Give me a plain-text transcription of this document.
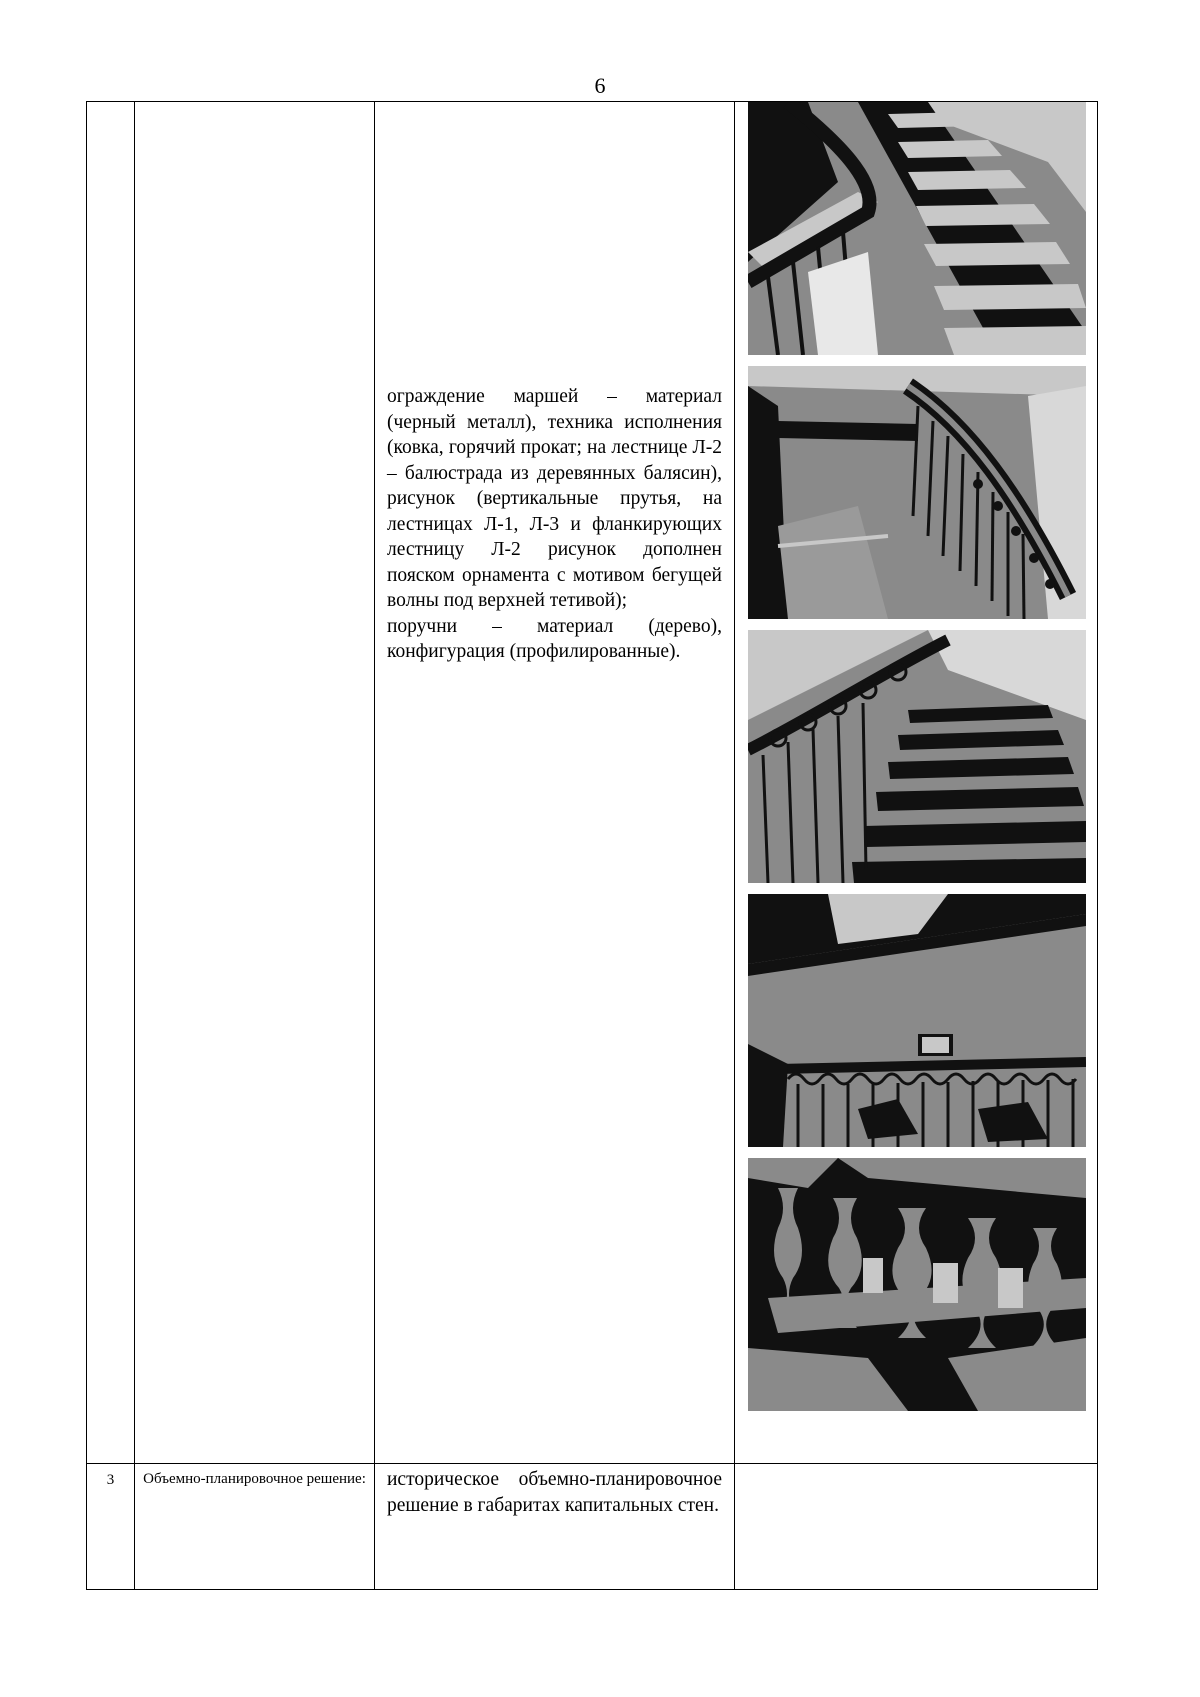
6

		ограждение маршей – материал (черный металл), техника исполнения (ковка, горячий прокат; на лестнице Л-2 – балюстрада из деревянных балясин), рисунок (вертикальные прутья, на лестницах Л-1, Л-3 и фланкирующих лестницу Л-2 рисунок дополнен пояском орнамента с мотивом бегущей волны под верхней тетивой);

поручни – материал (дерево), конфигурация (профилированные).

3	Объемно-планировочное решение:	историческое объемно-планировочное решение в габаритах капитальных стен.	
